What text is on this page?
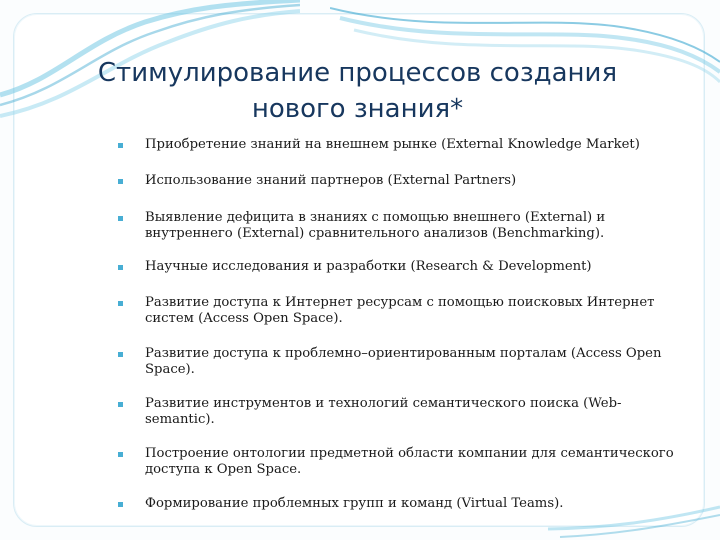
Стимулирование процессов создания
нового знания*
Приобретение знаний на внешнем рынке (External Knowledge Market)
Использование знаний партнеров (External Partners)
Выявление дефицита в знаниях с помощью внешнего (External) и внутреннего (External) сравнительного анализов (Benchmarking).
Научные исследования и разработки (Research & Development)
Развитие доступа к Интернет ресурсам с помощью поисковых Интернет систем (Access Open Space).
Развитие доступа к проблемно–ориентированным порталам (Access Open Space).
Развитие инструментов и технологий семантического поиска (Web-semantic).
Построение онтологии предметной области компании для семантического доступа к Open Space.
Формирование проблемных групп и команд (Virtual Teams).
